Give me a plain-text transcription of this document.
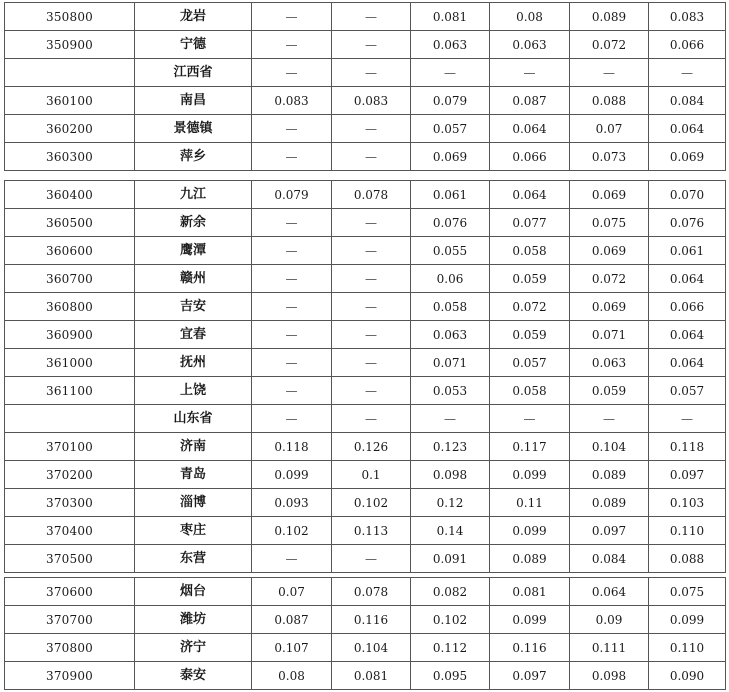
350800	龙岩	—	—	0.081	0.08	0.089	0.083
350900	宁德	—	—	0.063	0.063	0.072	0.066
	江西省	—	—	—	—	—	—
360100	南昌	0.083	0.083	0.079	0.087	0.088	0.084
360200	景德镇	—	—	0.057	0.064	0.07	0.064
360300	萍乡	—	—	0.069	0.066	0.073	0.069
360400	九江	0.079	0.078	0.061	0.064	0.069	0.070
360500	新余	—	—	0.076	0.077	0.075	0.076
360600	鹰潭	—	—	0.055	0.058	0.069	0.061
360700	赣州	—	—	0.06	0.059	0.072	0.064
360800	吉安	—	—	0.058	0.072	0.069	0.066
360900	宜春	—	—	0.063	0.059	0.071	0.064
361000	抚州	—	—	0.071	0.057	0.063	0.064
361100	上饶	—	—	0.053	0.058	0.059	0.057
	山东省	—	—	—	—	—	—
370100	济南	0.118	0.126	0.123	0.117	0.104	0.118
370200	青岛	0.099	0.1	0.098	0.099	0.089	0.097
370300	淄博	0.093	0.102	0.12	0.11	0.089	0.103
370400	枣庄	0.102	0.113	0.14	0.099	0.097	0.110
370500	东营	—	—	0.091	0.089	0.084	0.088
370600	烟台	0.07	0.078	0.082	0.081	0.064	0.075
370700	潍坊	0.087	0.116	0.102	0.099	0.09	0.099
370800	济宁	0.107	0.104	0.112	0.116	0.111	0.110
370900	泰安	0.08	0.081	0.095	0.097	0.098	0.090
